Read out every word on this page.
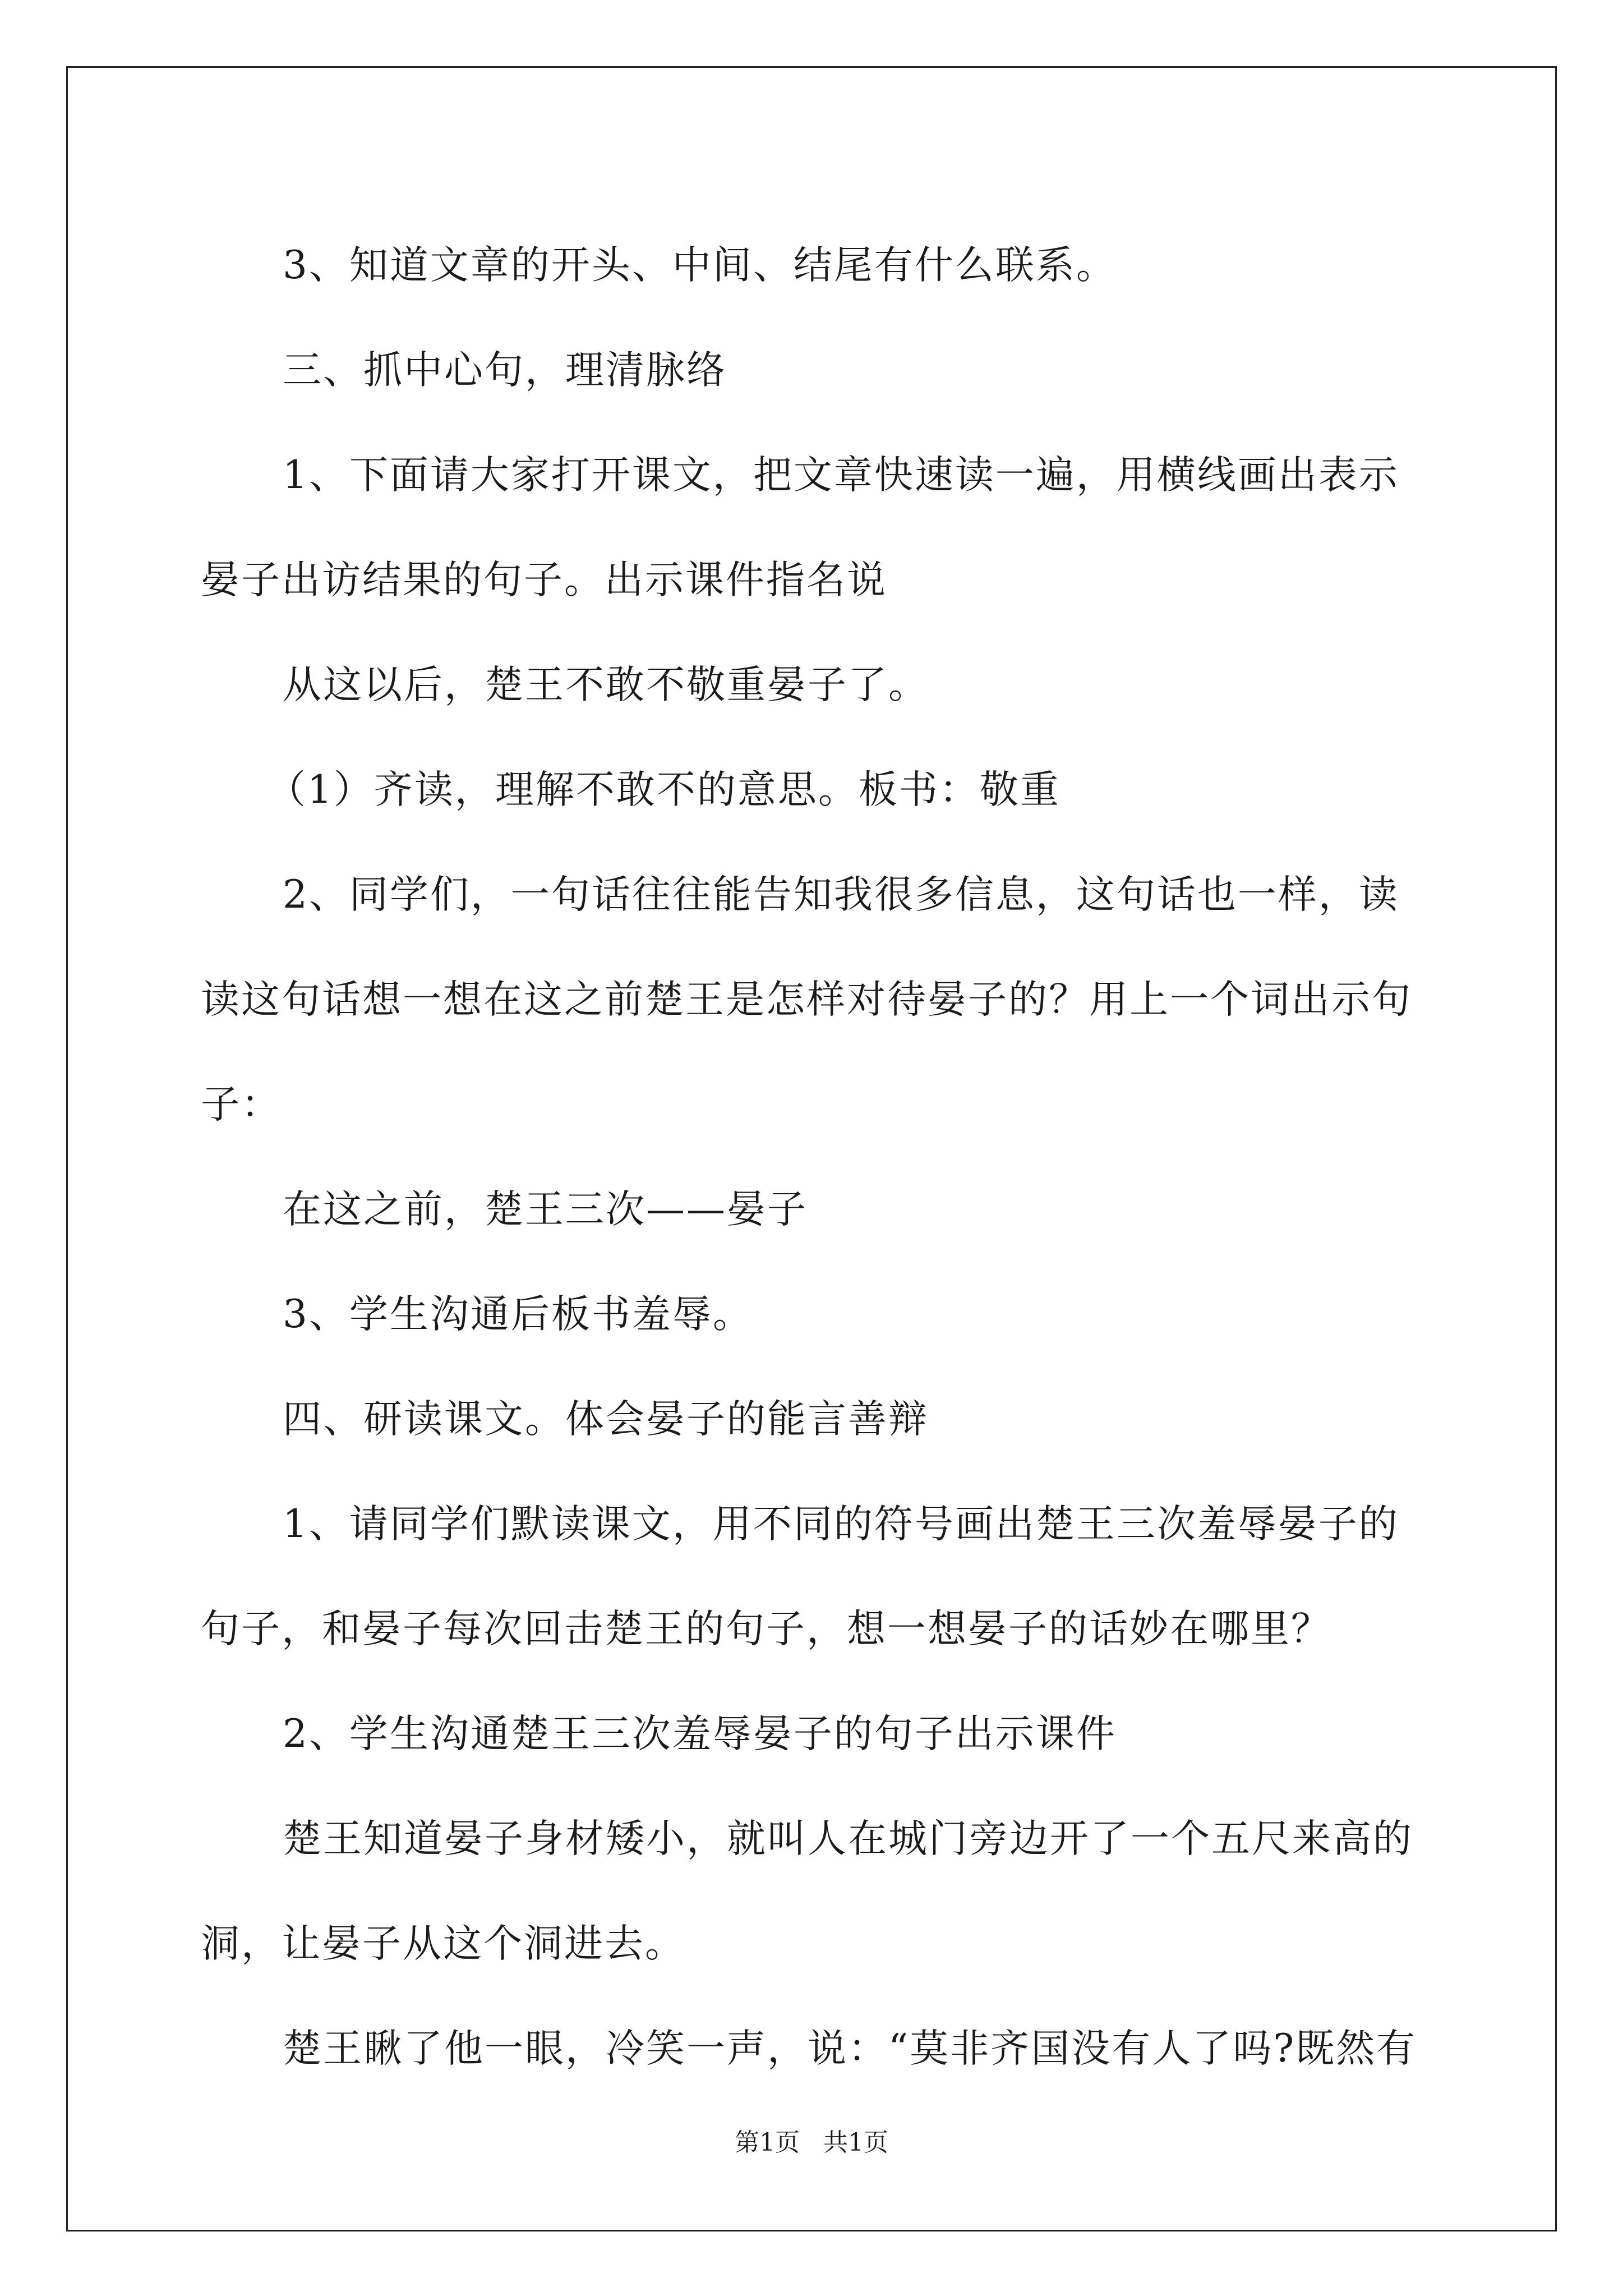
3、知道文章的开头、中间、结尾有什么联系。

三、抓中心句，理清脉络

1、下面请大家打开课文，把文章快速读一遍，用横线画出表示晏子出访结果的句子。出示课件指名说

从这以后，楚王不敢不敬重晏子了。

（1）齐读，理解不敢不的意思。板书：敬重

2、同学们，一句话往往能告知我很多信息，这句话也一样，读读这句话想一想在这之前楚王是怎样对待晏子的？用上一个词出示句子：

在这之前，楚王三次——晏子

3、学生沟通后板书羞辱。

四、研读课文。体会晏子的能言善辩

1、请同学们默读课文，用不同的符号画出楚王三次羞辱晏子的句子，和晏子每次回击楚王的句子，想一想晏子的话妙在哪里？

2、学生沟通楚王三次羞辱晏子的句子出示课件

楚王知道晏子身材矮小，就叫人在城门旁边开了一个五尺来高的洞，让晏子从这个洞进去。

楚王瞅了他一眼，冷笑一声，说：“莫非齐国没有人了吗?既然有

第1页 共1页
